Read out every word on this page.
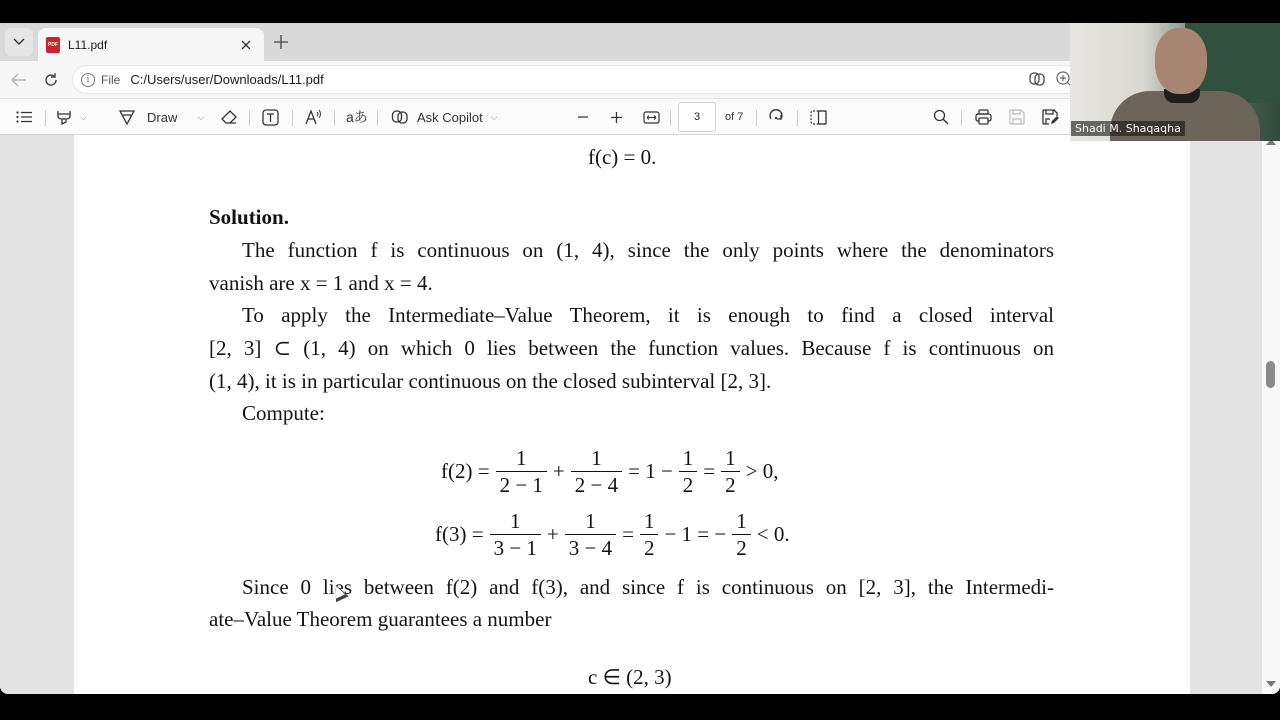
PDF L11.pdf
i File C:/Users/user/Downloads/L11.pdf
⌵	Draw ⌵	aあ	Ask Copilot ⌵	3	of 7
f(c) = 0.
Solution.
The function f is continuous on (1, 4), since the only points where the denominators
vanish are x = 1 and x = 4.
To apply the Intermediate–Value Theorem, it is enough to find a closed interval
[2, 3] ⊂ (1, 4) on which 0 lies between the function values. Because f is continuous on
(1, 4), it is in particular continuous on the closed subinterval [2, 3].
Compute:
$f(2) = \frac{1}{2 - 1} + \frac{1}{2 - 4} = 1 - \frac{1}{2} = \frac{1}{2} > 0$,
$f(3) = \frac{1}{3 - 1} + \frac{1}{3 - 4} = \frac{1}{2} - 1$ = − $\frac{1}{2} < 0$.
Since 0 lies between f(2) and f(3), and since f is continuous on [2, 3], the Intermedi-
ate–Value Theorem guarantees a number
c ∈ (2, 3)
Shadi M. Shaqaqha
